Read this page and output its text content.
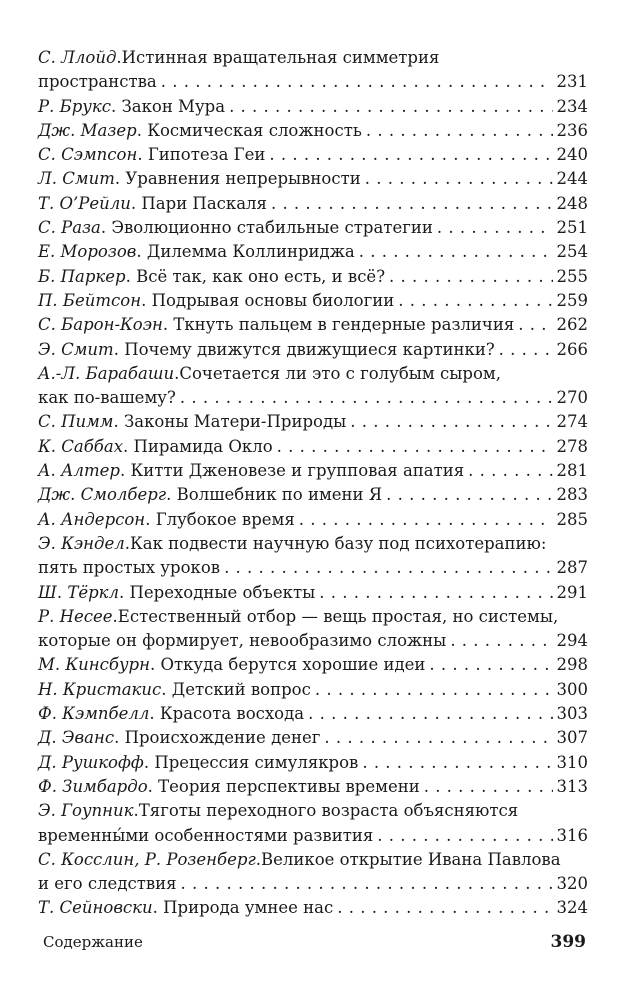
С. Ллойд . Истинная вращательная симметрия
пространства . . .	231
Р. Брукс . Закон Мура . . .	234
Дж. Мазер . Космическая сложность . . .	236
С. Сэмпсон . Гипотеза Геи . . .	240
Л. Смит . Уравнения непрерывности . . .	244
Т. О’Рейли . Пари Паскаля . . .	248
С. Раза . Эволюционно стабильные стратегии . . .	251
Е. Морозов . Дилемма Коллинриджа . . .	254
Б. Паркер . Всё так, как оно есть, и всё? . . .	255
П. Бейтсон . Подрывая основы биологии . . .	259
С. Барон-Коэн . Ткнуть пальцем в гендерные различия . . .	262
Э. Смит . Почему движутся движущиеся картинки? . . .	266
А.-Л. Барабаши . Сочетается ли это с голубым сыром,
как по-вашему? . . .	270
С. Пимм . Законы Матери-Природы . . .	274
К. Саббах . Пирамида Окло . . .	278
А. Алтер . Китти Дженовезе и групповая апатия . . .	281
Дж. Смолберг . Волшебник по имени Я . . .	283
А. Андерсон . Глубокое время . . .	285
Э. Кэндел . Как подвести научную базу под психотерапию:
пять простых уроков . . .	287
Ш. Тёркл . Переходные объекты . . .	291
Р. Несее . Естественный отбор — вещь простая, но системы,
которые он формирует, невообразимо сложны . . .	294
М. Кинсбурн . Откуда берутся хорошие идеи . . .	298
Н. Кристакис . Детский вопрос . . .	300
Ф. Кэмпбелл . Красота восхода . . .	303
Д. Эванс . Происхождение денег . . .	307
Д. Рушкофф . Прецессия симулякров . . .	310
Ф. Зимбардо . Теория перспективы времени . . .	313
Э. Гоупник . Тяготы переходного возраста объясняются
временны́ми особенностями развития . . .	316
С. Косслин, Р. Розенберг . Великое открытие Ивана Павлова
и его следствия . . .	320
Т. Сейновски . Природа умнее нас . . .	324
Содержание	399
